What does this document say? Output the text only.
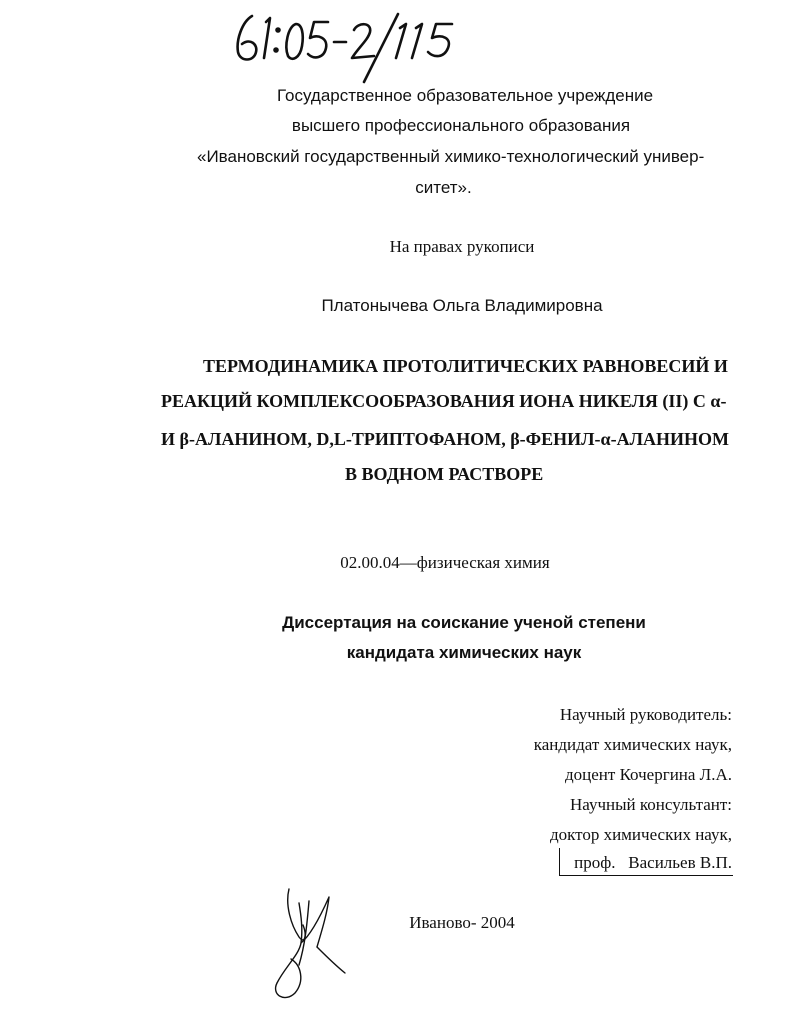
Государственное образовательное учреждение
высшего профессионального образования
«Ивановский государственный химико-технологический универ-
ситет».
На правах рукописи
Платонычева Ольга Владимировна
ТЕРМОДИНАМИКА ПРОТОЛИТИЧЕСКИХ РАВНОВЕСИЙ И
РЕАКЦИЙ КОМПЛЕКСООБРАЗОВАНИЯ ИОНА НИКЕЛЯ (II) С α-
И β-АЛАНИНОМ, D,L-ТРИПТОФАНОМ, β-ФЕНИЛ-α-АЛАНИНОМ
В ВОДНОМ РАСТВОРЕ
02.00.04—физическая химия
Диссертация на соискание ученой степени
кандидата химических наук
Научный руководитель:
кандидат химических наук,
доцент Кочергина Л.А.
Научный консультант:
доктор химических наук,
проф.   Васильев В.П.
Иваново- 2004
